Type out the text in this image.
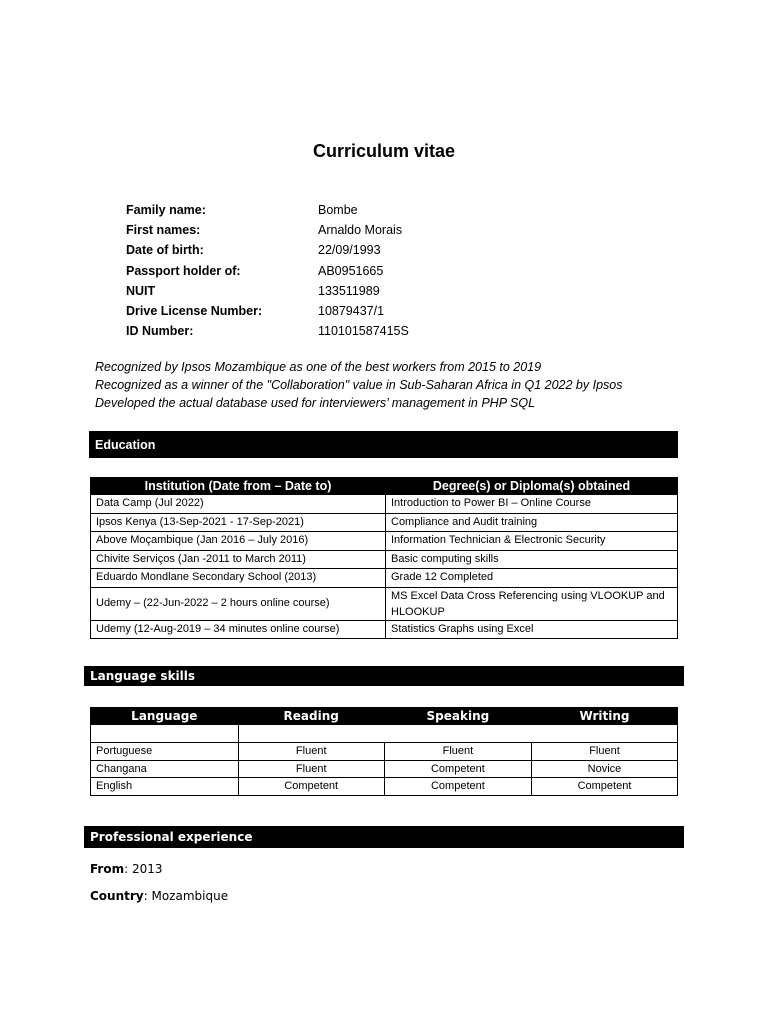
Curriculum vitae
Family name:	Bombe
First names:	Arnaldo Morais
Date of birth:	22/09/1993
Passport holder of:	AB0951665
NUIT	133511989
Drive License Number:	10879437/1
ID Number:	110101587415S
Recognized by Ipsos Mozambique as one of the best workers from 2015 to 2019
Recognized as a winner of the "Collaboration" value in Sub-Saharan Africa in Q1 2022 by Ipsos
Developed the actual database used for interviewers’ management in PHP SQL
Education
Institution (Date from – Date to)	Degree(s) or Diploma(s) obtained
Data Camp (Jul 2022)	Introduction to Power BI – Online Course
Ipsos Kenya (13-Sep-2021 - 17-Sep-2021)	Compliance and Audit training
Above Moçambique (Jan 2016 – July 2016)	Information Technician & Electronic Security
Chivite Serviços (Jan -2011 to March 2011)	Basic computing skills
Eduardo Mondlane Secondary School (2013)	Grade 12 Completed
Udemy – (22-Jun-2022 – 2 hours online course)	MS Excel Data Cross Referencing using VLOOKUP and HLOOKUP
Udemy (12-Aug-2019 – 34 minutes online course)	Statistics Graphs using Excel
Language skills
Language	Reading	Speaking	Writing

Portuguese	Fluent	Fluent	Fluent
Changana	Fluent	Competent	Novice
English	Competent	Competent	Competent
Professional experience
From: 2013
Country: Mozambique
